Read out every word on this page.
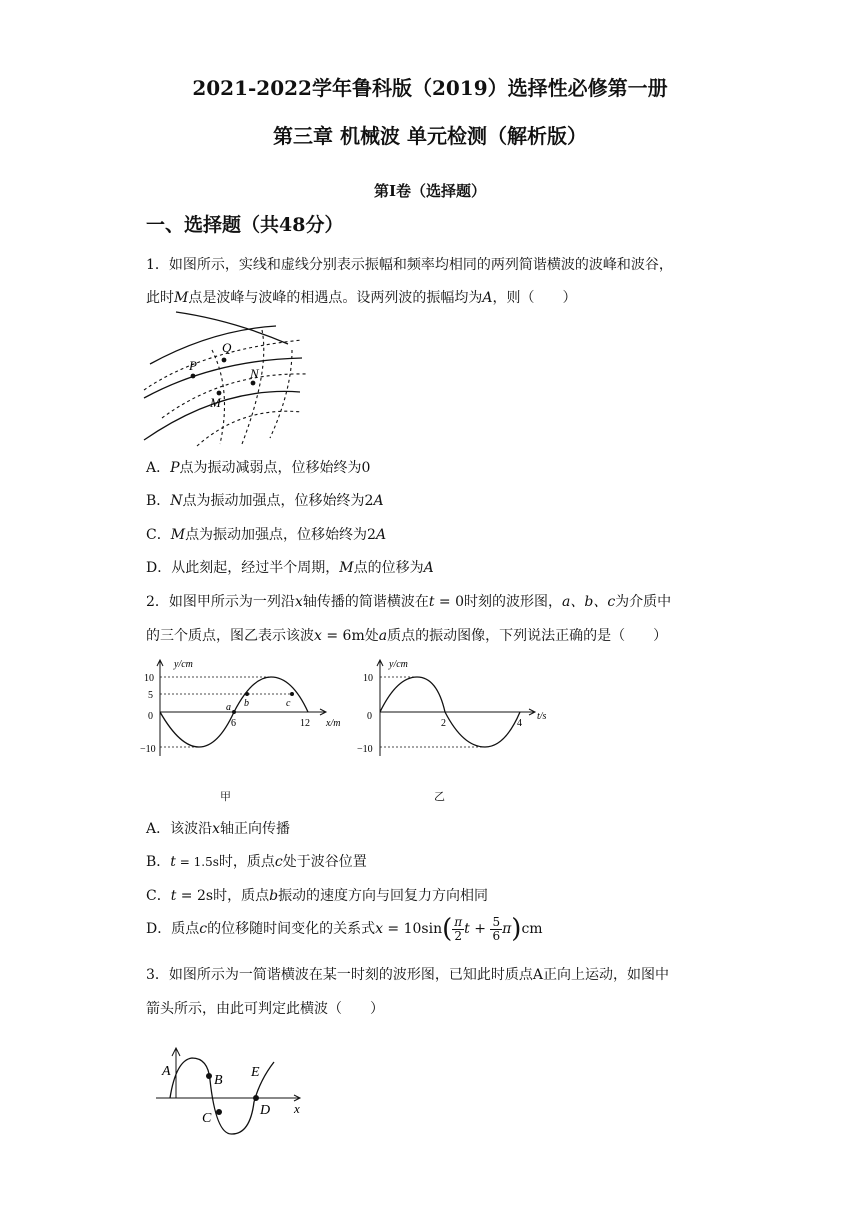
2021-2022学年鲁科版（2019）选择性必修第一册
第三章 机械波 单元检测（解析版）
第Ⅰ卷（选择题）
一、选择题（共48分）
1．如图所示，实线和虚线分别表示振幅和频率均相同的两列简谐横波的波峰和波谷，
此时M点是波峰与波峰的相遇点。设两列波的振幅均为A，则（　　）
P
Q
N
M
A．P点为振动减弱点，位移始终为0
B．N点为振动加强点，位移始终为2A
C．M点为振动加强点，位移始终为2A
D．从此刻起，经过半个周期，M点的位移为A
2．如图甲所示为一列沿x轴传播的简谐横波在t = 0时刻的波形图，a、b、c为介质中
的三个质点，图乙表示该波x = 6m处a质点的振动图像，下列说法正确的是（　　）
y/cm
x/m
10
5
0
−10
6	12
a b	c
y/cm
t/s
10
0
−10
2	4
甲	乙
A．该波沿x轴正向传播
B．t = 1.5s时，质点c处于波谷位置
C．t = 2s时，质点b振动的速度方向与回复力方向相同
D．质点c的位移随时间变化的关系式$x = 10\sin( \frac{\pi}{2}$ $t + \frac{5}{6} \pi)cm$
3．如图所示为一简谐横波在某一时刻的波形图，已知此时质点A正向上运动，如图中
箭头所示，由此可判定此横波（　　）
A
B
C
D
E
x
